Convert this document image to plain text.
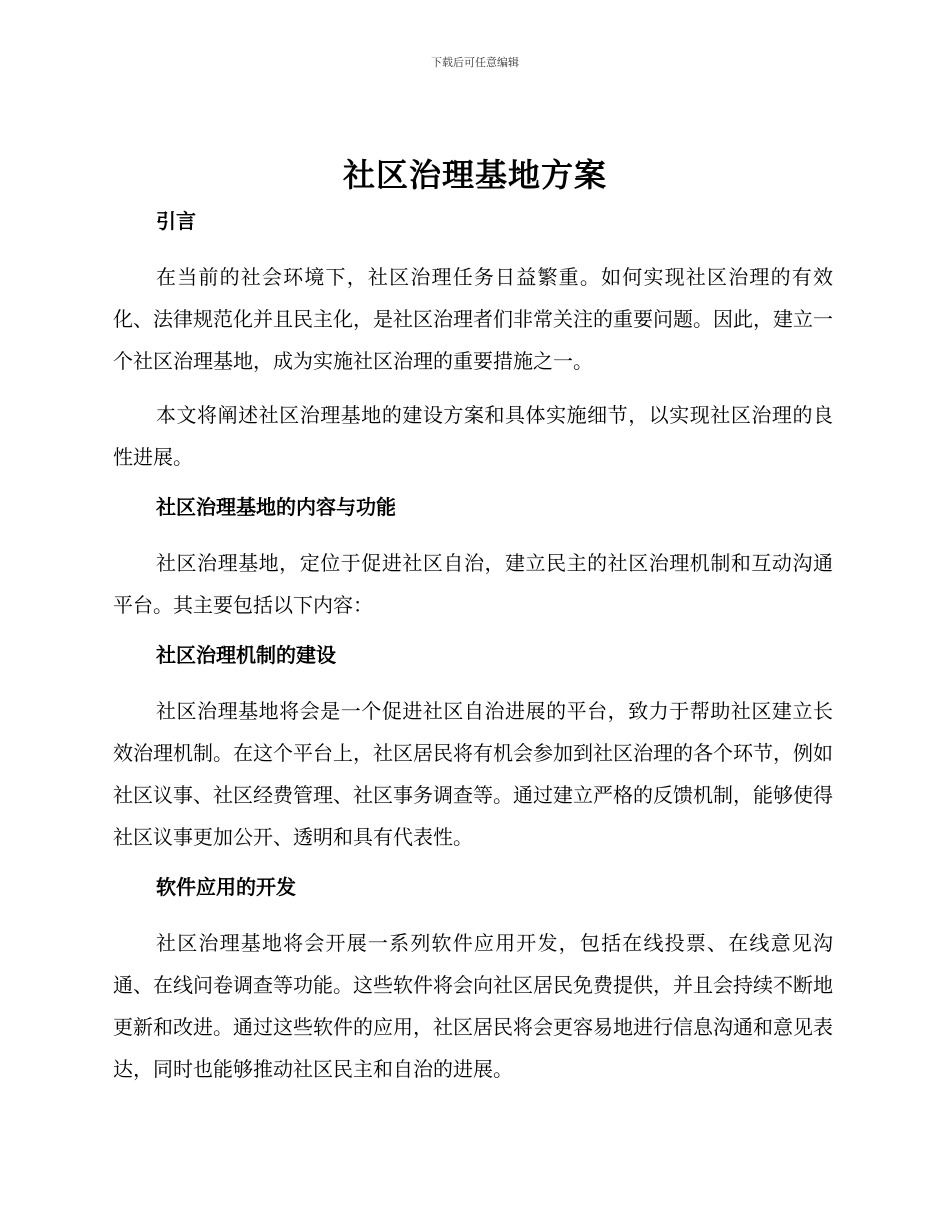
下载后可任意编辑
社区治理基地方案
引言

在当前的社会环境下，社区治理任务日益繁重。如何实现社区治理的有效化、法律规范化并且民主化，是社区治理者们非常关注的重要问题。因此，建立一个社区治理基地，成为实施社区治理的重要措施之一。

本文将阐述社区治理基地的建设方案和具体实施细节，以实现社区治理的良性进展。

社区治理基地的内容与功能

社区治理基地，定位于促进社区自治，建立民主的社区治理机制和互动沟通平台。其主要包括以下内容：

社区治理机制的建设

社区治理基地将会是一个促进社区自治进展的平台，致力于帮助社区建立长效治理机制。在这个平台上，社区居民将有机会参加到社区治理的各个环节，例如社区议事、社区经费管理、社区事务调查等。通过建立严格的反馈机制，能够使得社区议事更加公开、透明和具有代表性。

软件应用的开发

社区治理基地将会开展一系列软件应用开发，包括在线投票、在线意见沟通、在线问卷调查等功能。这些软件将会向社区居民免费提供，并且会持续不断地更新和改进。通过这些软件的应用，社区居民将会更容易地进行信息沟通和意见表达，同时也能够推动社区民主和自治的进展。
